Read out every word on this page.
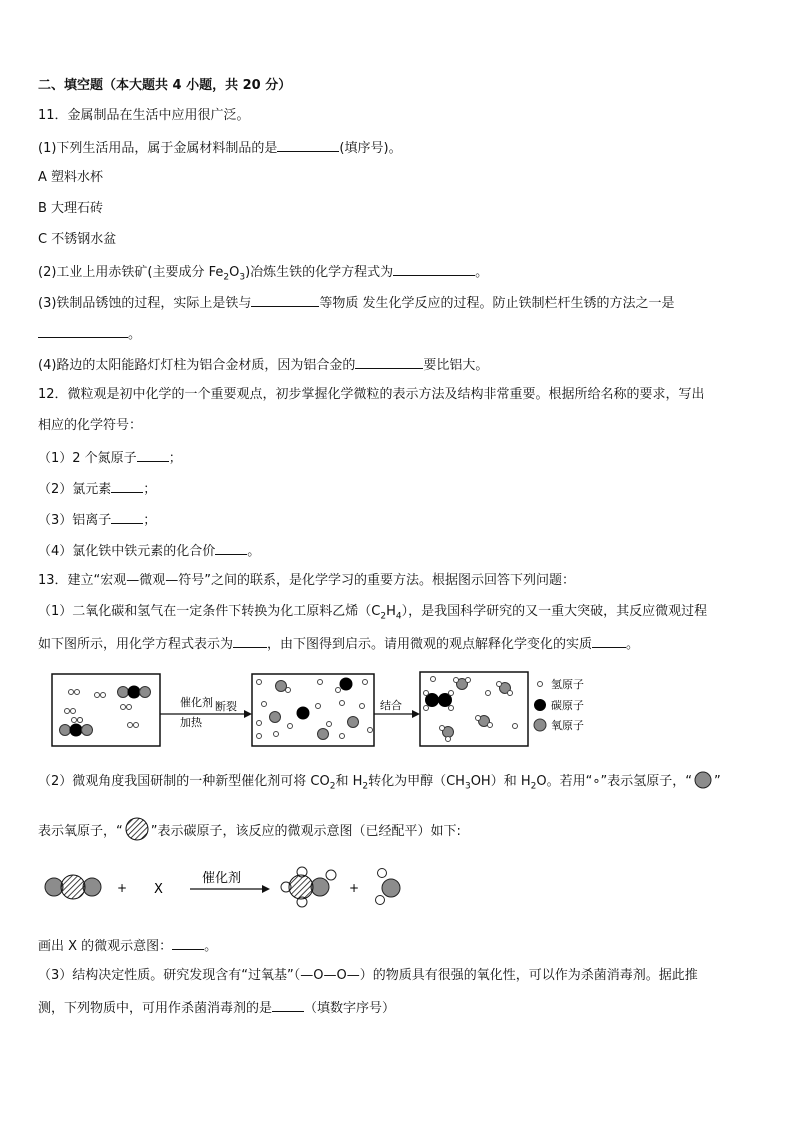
二、填空题（本大题共 4 小题，共 20 分）
11．金属制品在生活中应用很广泛。
(1)下列生活用品，属于金属材料制品的是	(填序号)。
A 塑料水杯
B 大理石砖
C 不锈钢水盆
(2)工业上用赤铁矿(主要成分 $Fe_2O_3$)冶炼生铁的化学方程式为	。
(3)铁制品锈蚀的过程，实际上是铁与	等物质 发生化学反应的过程。防止铁制栏杆生锈的方法之一是
。
(4)路边的太阳能路灯灯柱为铝合金材质，因为铝合金的	要比铝大。
12．微粒观是初中化学的一个重要观点，初步掌握化学微粒的表示方法及结构非常重要。根据所给名称的要求，写出
相应的化学符号：
（1）2 个氮原子 ；
（2）氯元素 ；
（3）铝离子 ；
（4）氯化铁中铁元素的化合价 。
13．建立“宏观—微观—符号”之间的联系，是化学学习的重要方法。根据图示回答下列问题：
（1）二氧化碳和氢气在一定条件下转换为化工原料乙烯$(C_2H_4)$，是我国科学研究的又一重大突破，其反应微观过程
如下图所示，用化学方程式表示为	，由下图得到启示。请用微观的观点解释化学变化的实质	。
催化剂
加热
断裂	结合
氢原子
碳原子
氧原子
（2）微观角度我国研制的一种新型催化剂可将 $CO_2$和 $H_2$转化为甲醇$(CH_3OH)$和 $H_2O$。若用“∘”表示氢原子，“ ”
表示氧原子，“ ”表示碳原子，该反应的微观示意图（已经配平）如下:
+ X
催化剂
+
画出 X 的微观示意图： 。
（3）结构决定性质。研究发现含有“过氧基”（—O—O—）的物质具有很强的氧化性，可以作为杀菌消毒剂。据此推
测，下列物质中，可用作杀菌消毒剂的是 （填数字序号）
